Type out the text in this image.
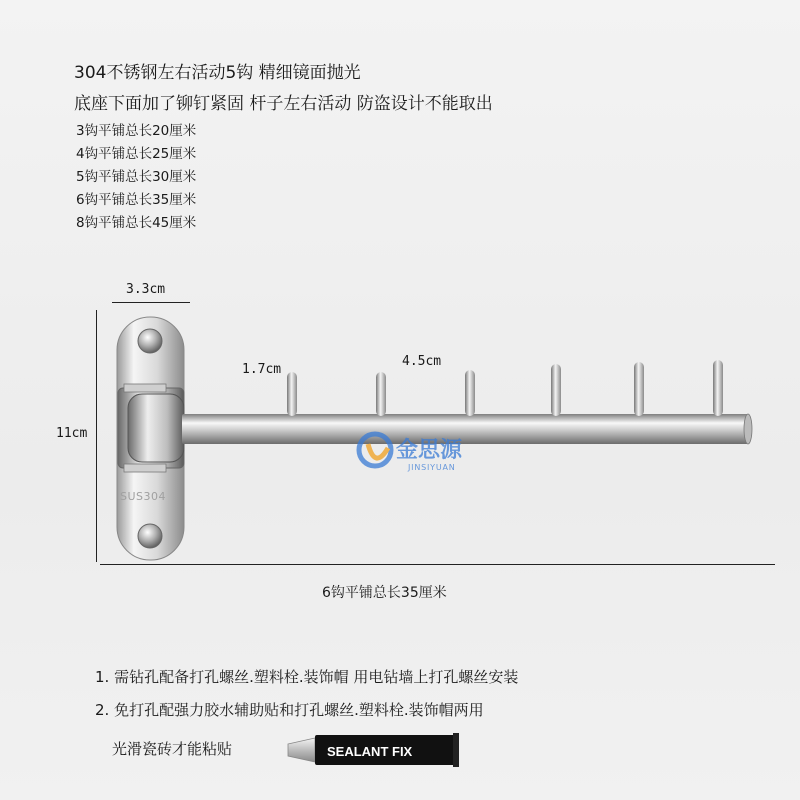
304不锈钢左右活动5钩 精细镜面抛光
底座下面加了铆钉紧固 杆子左右活动 防盗设计不能取出
3钩平铺总长20厘米
4钩平铺总长25厘米
5钩平铺总长30厘米
6钩平铺总长35厘米
8钩平铺总长45厘米
3.3cm
11cm
1.7cm
4.5cm
6钩平铺总长35厘米
SUS304
金思源
JINSIYUAN
1. 需钻孔配备打孔螺丝.塑料栓.装饰帽 用电钻墙上打孔螺丝安装
2. 免打孔配强力胶水辅助贴和打孔螺丝.塑料栓.装饰帽两用
光滑瓷砖才能粘贴	SEALANT FIX
